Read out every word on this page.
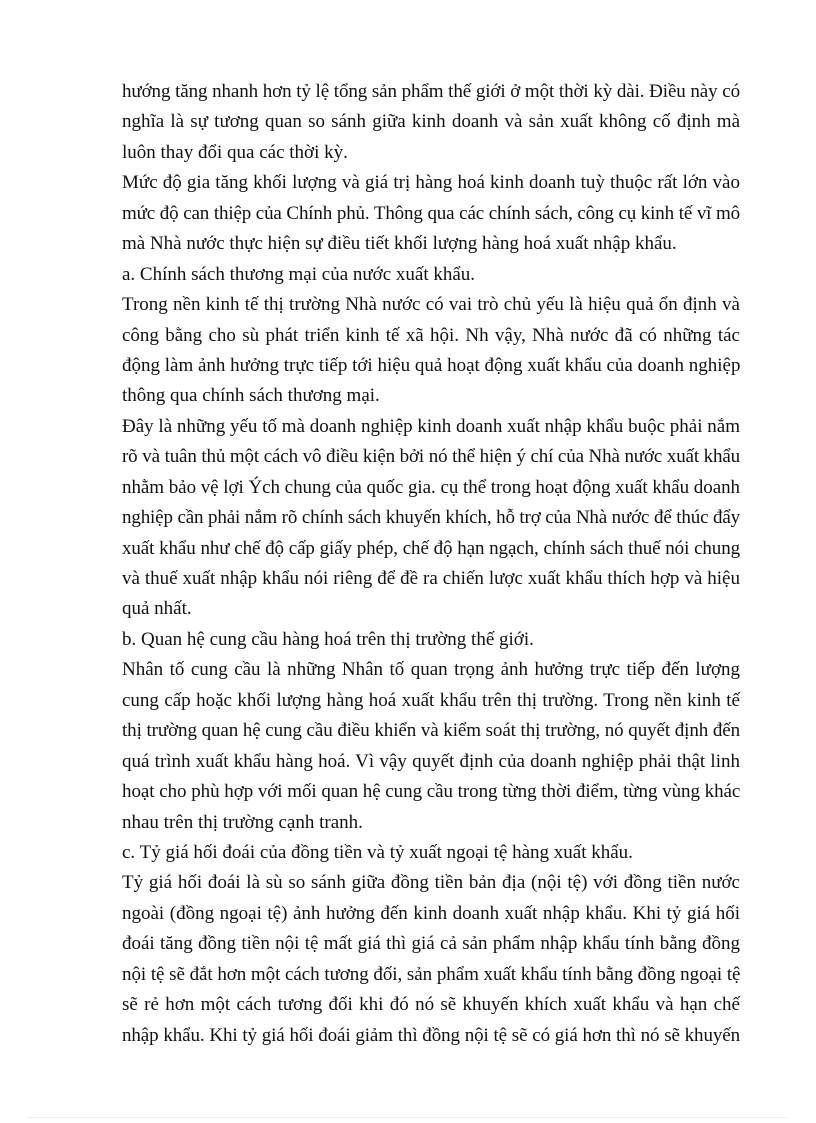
hướng tăng nhanh hơn tỷ lệ tổng sản phẩm thế giới ở một thời kỳ dài. Điều này có
nghĩa là sự tương quan so sánh giữa kinh doanh và sản xuất không cố định mà
luôn thay đổi qua các thời kỳ.
Mức độ gia tăng khối lượng và giá trị hàng hoá kinh doanh tuỳ thuộc rất lớn vào
mức độ can thiệp của Chính phủ. Thông qua các chính sách, công cụ kinh tế vĩ mô
mà Nhà nước thực hiện sự điều tiết khối lượng hàng hoá xuất nhập khẩu.
a. Chính sách thương mại của nước xuất khẩu.
Trong nền kinh tế thị trường Nhà nước có vai trò chủ yếu là hiệu quả ổn định và
công bằng cho sù phát triển kinh tế xã hội. Nh vậy, Nhà nước đã có những tác
động làm ảnh hưởng trực tiếp tới hiệu quả hoạt động xuất khẩu của doanh nghiệp
thông qua chính sách thương mại.
Đây là những yếu tố mà doanh nghiệp kinh doanh xuất nhập khẩu buộc phải nắm
rõ và tuân thủ một cách vô điều kiện bởi nó thể hiện ý chí của Nhà nước xuất khẩu
nhằm bảo vệ lợi Ých chung của quốc gia. cụ thể trong hoạt động xuất khẩu doanh
nghiệp cần phải nắm rõ chính sách khuyến khích, hỗ trợ của Nhà nước để thúc đẩy
xuất khẩu như chế độ cấp giấy phép, chế độ hạn ngạch, chính sách thuế nói chung
và thuế xuất nhập khẩu nói riêng để đề ra chiến lược xuất khẩu thích hợp và hiệu
quả nhất.
b. Quan hệ cung cầu hàng hoá trên thị trường thế giới.
Nhân tố cung cầu là những Nhân tố quan trọng ảnh hưởng trực tiếp đến lượng
cung cấp hoặc khối lượng hàng hoá xuất khẩu trên thị trường. Trong nền kinh tế
thị trường quan hệ cung cầu điều khiển và kiểm soát thị trường, nó quyết định đến
quá trình xuất khẩu hàng hoá. Vì vậy quyết định của doanh nghiệp phải thật linh
hoạt cho phù hợp với mối quan hệ cung cầu trong từng thời điểm, từng vùng khác
nhau trên thị trường cạnh tranh.
c. Tỷ giá hối đoái của đồng tiền và tỷ xuất ngoại tệ hàng xuất khẩu.
Tỷ giá hối đoái là sù so sánh giữa đồng tiền bản địa (nội tệ) với đồng tiền nước
ngoài (đồng ngoại tệ) ảnh hưởng đến kinh doanh xuất nhập khẩu. Khi tỷ giá hối
đoái tăng đồng tiền nội tệ mất giá thì giá cả sản phẩm nhập khẩu tính bằng đồng
nội tệ sẽ đắt hơn một cách tương đối, sản phẩm xuất khẩu tính bằng đồng ngoại tệ
sẽ rẻ hơn một cách tương đối khi đó nó sẽ khuyến khích xuất khẩu và hạn chế
nhập khẩu. Khi tỷ giá hối đoái giảm thì đồng nội tệ sẽ có giá hơn thì nó sẽ khuyến
